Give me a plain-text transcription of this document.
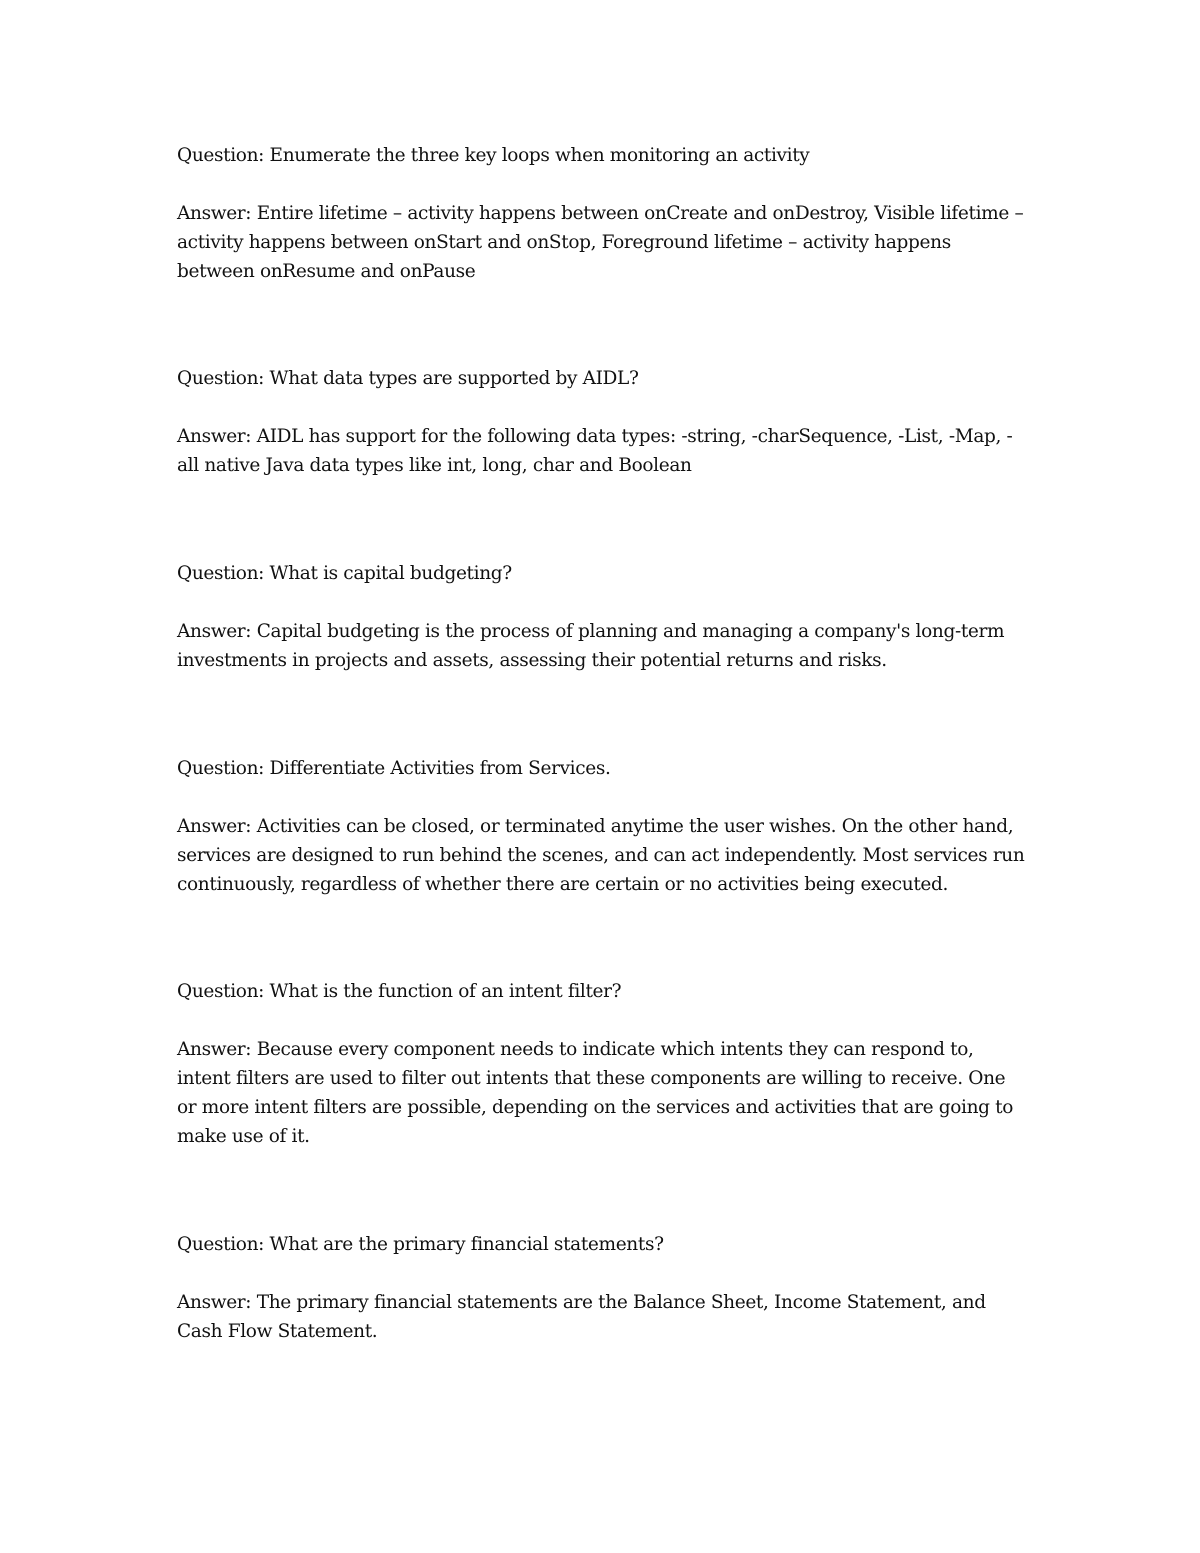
Question: Enumerate the three key loops when monitoring an activity

Answer: Entire lifetime – activity happens between onCreate and onDestroy, Visible lifetime – activity happens between onStart and onStop, Foreground lifetime – activity happens between onResume and onPause

Question: What data types are supported by AIDL?

Answer: AIDL has support for the following data types: -string, -charSequence, -List, -Map, -all native Java data types like int, long, char and Boolean

Question: What is capital budgeting?

Answer: Capital budgeting is the process of planning and managing a company's long-term investments in projects and assets, assessing their potential returns and risks.

Question: Differentiate Activities from Services.

Answer: Activities can be closed, or terminated anytime the user wishes. On the other hand, services are designed to run behind the scenes, and can act independently. Most services run continuously, regardless of whether there are certain or no activities being executed.

Question: What is the function of an intent filter?

Answer: Because every component needs to indicate which intents they can respond to, intent filters are used to filter out intents that these components are willing to receive. One or more intent filters are possible, depending on the services and activities that are going to make use of it.

Question: What are the primary financial statements?

Answer: The primary financial statements are the Balance Sheet, Income Statement, and Cash Flow Statement.
